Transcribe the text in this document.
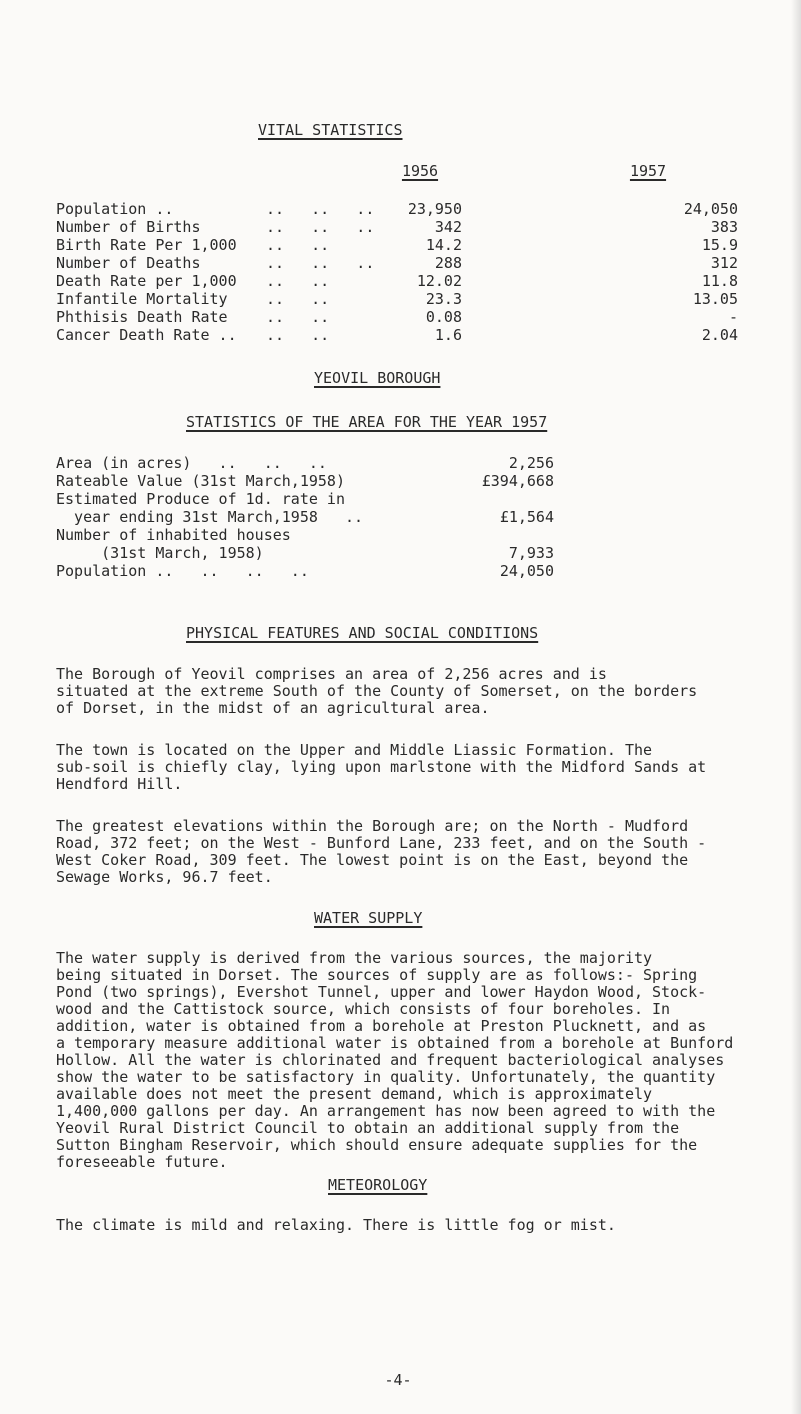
VITAL STATISTICS
1956	1957
Population ..	..   ..   ..	23,950	24,050
Number of Births	..   ..   ..	342	383
Birth Rate Per 1,000 ..   ..	14.2	15.9
Number of Deaths	..   ..   ..	288	312
Death Rate per 1,000 ..   ..	12.02	11.8
Infantile Mortality	..   ..	23.3	13.05
Phthisis Death Rate	..   ..	0.08	-
Cancer Death Rate .. ..   ..	1.6	2.04
YEOVIL BOROUGH
STATISTICS OF THE AREA FOR THE YEAR 1957
Area (in acres)   ..   ..   ..	2,256
Rateable Value (31st March,1958)	£394,668
Estimated Produce of 1d. rate in
year ending 31st March,1958   ..	£1,564
Number of inhabited houses
(31st March, 1958)	7,933
Population ..   ..   ..   ..	24,050
PHYSICAL FEATURES AND SOCIAL CONDITIONS
The Borough of Yeovil comprises an area of 2,256 acres and is
situated at the extreme South of the County of Somerset, on the borders
of Dorset, in the midst of an agricultural area.
The town is located on the Upper and Middle Liassic Formation. The
sub-soil is chiefly clay, lying upon marlstone with the Midford Sands at
Hendford Hill.
The greatest elevations within the Borough are; on the North - Mudford
Road, 372 feet; on the West - Bunford Lane, 233 feet, and on the South -
West Coker Road, 309 feet. The lowest point is on the East, beyond the
Sewage Works, 96.7 feet.
WATER SUPPLY
The water supply is derived from the various sources, the majority
being situated in Dorset. The sources of supply are as follows:- Spring
Pond (two springs), Evershot Tunnel, upper and lower Haydon Wood, Stock-
wood and the Cattistock source, which consists of four boreholes. In
addition, water is obtained from a borehole at Preston Plucknett, and as
a temporary measure additional water is obtained from a borehole at Bunford
Hollow. All the water is chlorinated and frequent bacteriological analyses
show the water to be satisfactory in quality. Unfortunately, the quantity
available does not meet the present demand, which is approximately
1,400,000 gallons per day. An arrangement has now been agreed to with the
Yeovil Rural District Council to obtain an additional supply from the
Sutton Bingham Reservoir, which should ensure adequate supplies for the
foreseeable future.
METEOROLOGY
The climate is mild and relaxing. There is little fog or mist.
-4-
